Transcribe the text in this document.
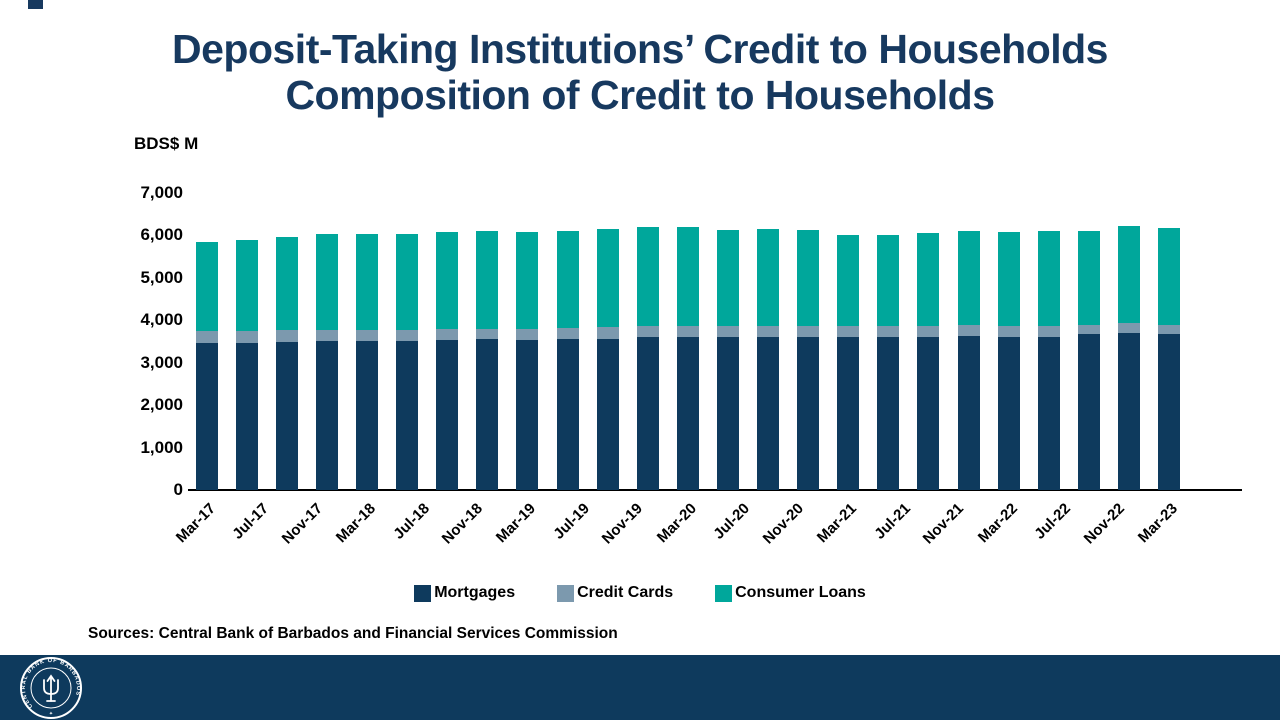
Deposit-Taking Institutions’ Credit to Households
Composition of Credit to Households
BDS$ M
0
1,000
2,000
3,000
4,000
5,000
6,000
7,000
Mar-17 Jul-17 Nov-17 Mar-18 Jul-18 Nov-18 Mar-19 Jul-19 Nov-19 Mar-20 Jul-20 Nov-20 Mar-21 Jul-21 Nov-21 Mar-22 Jul-22 Nov-22 Mar-23
Mortgages	Credit Cards	Consumer Loans
Sources: Central Bank of Barbados and Financial Services Commission
CENTRAL BANK OF BARBADOS
✦
